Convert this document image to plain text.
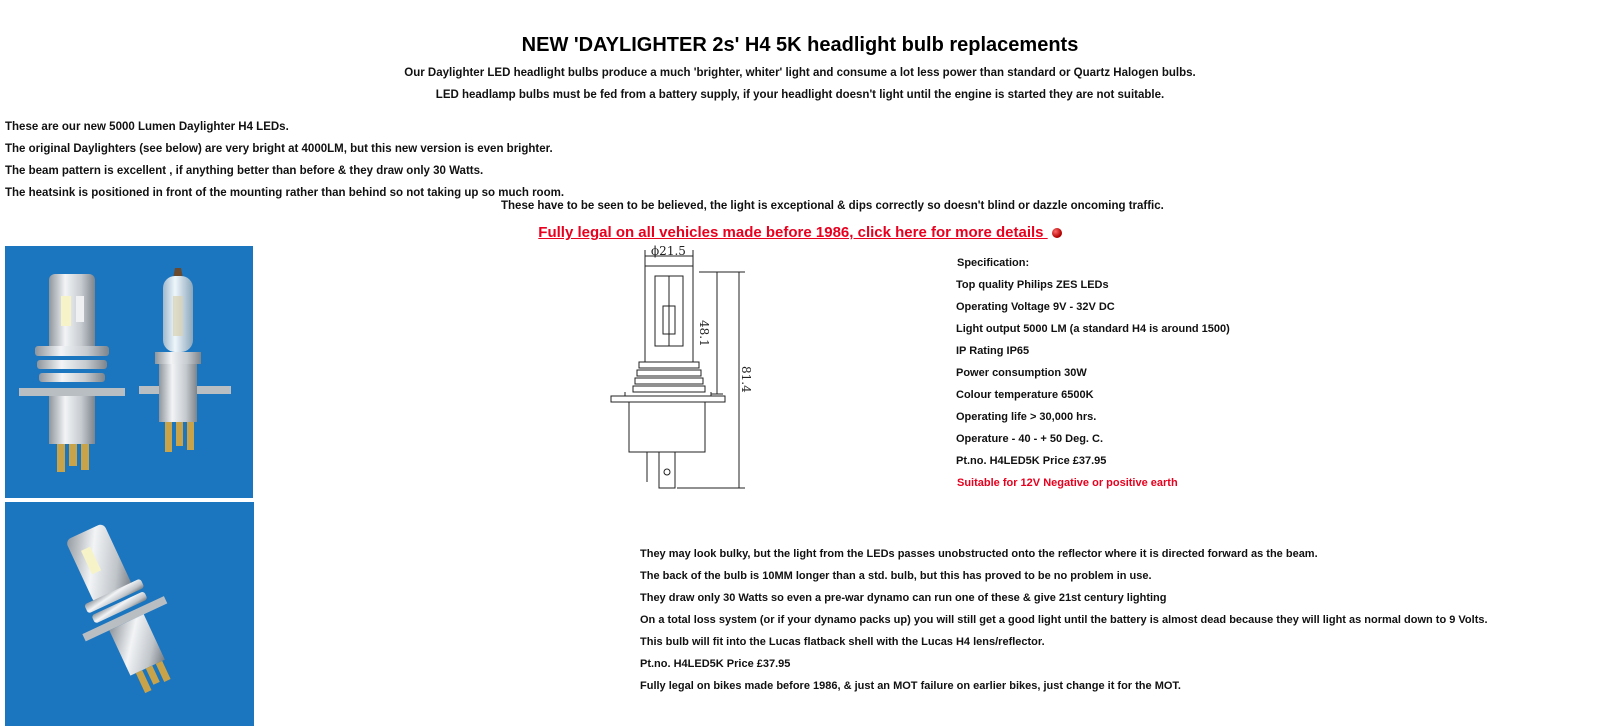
NEW 'DAYLIGHTER 2s' H4 5K headlight bulb replacements
Our Daylighter LED headlight bulbs produce a much 'brighter, whiter' light and consume a lot less power than standard or Quartz Halogen bulbs.
LED headlamp bulbs must be fed from a battery supply, if your headlight doesn't light until the engine is started they are not suitable.
These are our new 5000 Lumen Daylighter H4 LEDs.
The original Daylighters (see below) are very bright at 4000LM, but this new version is even brighter.
The beam pattern is excellent , if anything better than before & they draw only 30 Watts.
The heatsink is positioned in front of the mounting rather than behind so not taking up so much room.
These have to be seen to be believed, the light is exceptional & dips correctly so doesn't blind or dazzle oncoming traffic.
Fully legal on all vehicles made before 1986, click here for more details
ϕ21.5
48.1
81.4
Specification:
Top quality Philips ZES LEDs
Operating Voltage 9V - 32V DC
Light output 5000 LM (a standard H4 is around 1500)
IP Rating IP65
Power consumption 30W
Colour temperature 6500K
Operating life > 30,000 hrs.
Operature - 40 - + 50 Deg. C.
Pt.no. H4LED5K Price £37.95
Suitable for 12V Negative or positive earth
They may look bulky, but the light from the LEDs passes unobstructed onto the reflector where it is directed forward as the beam.
The back of the bulb is 10MM longer than a std. bulb, but this has proved to be no problem in use.
They draw only 30 Watts so even a pre-war dynamo can run one of these & give 21st century lighting
On a total loss system (or if your dynamo packs up) you will still get a good light until the battery is almost dead because they will light as normal down to 9 Volts.
This bulb will fit into the Lucas flatback shell with the Lucas H4 lens/reflector.
Pt.no. H4LED5K Price £37.95
Fully legal on bikes made before 1986, & just an MOT failure on earlier bikes, just change it for the MOT.
